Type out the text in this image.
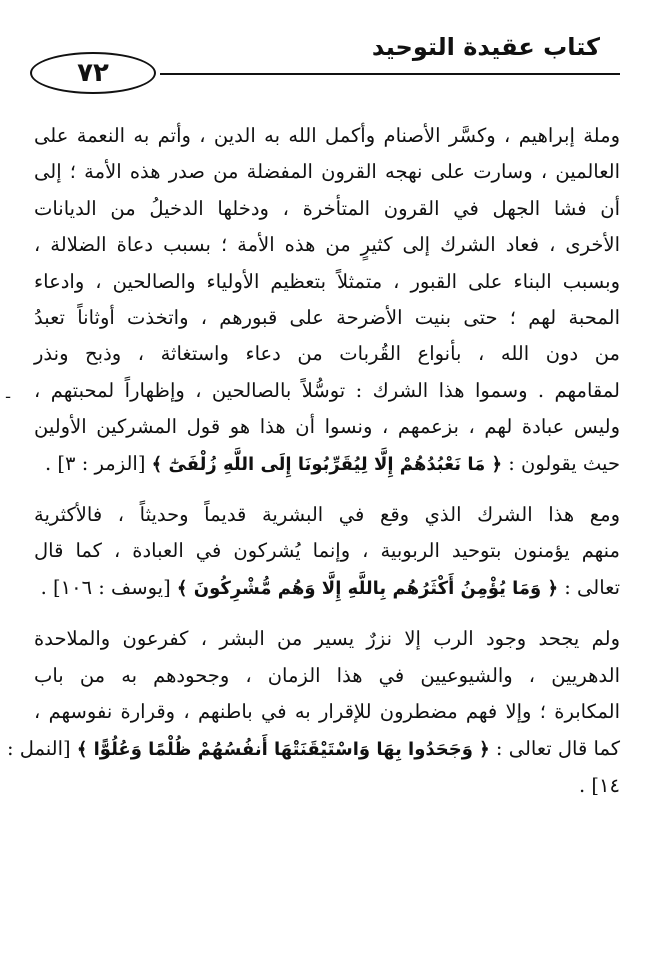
كتاب عقيدة التوحيد
٧٢
ـ

وملة إبراهيم ، وكسَّر الأصنام وأكمل الله به الدين ، وأتم به النعمة على
العالمين ، وسارت على نهجه القرون المفضلة من صدر هذه الأمة ؛ إلى
أن فشا الجهل في القرون المتأخرة ، ودخلها الدخيلُ من الديانات
الأخرى ، فعاد الشرك إلى كثيرٍ من هذه الأمة ؛ بسبب دعاة الضلالة ،
وبسبب البناء على القبور ، متمثلاً بتعظيم الأولياء والصالحين ، وادعاء
المحبة لهم ؛ حتى بنيت الأضرحة على قبورهم ، واتخذت أوثاناً تعبدُ
من دون الله ، بأنواع القُربات من دعاء واستغاثة ، وذبح ونذر
لمقامهم . وسموا هذا الشرك : توسُّلاً بالصالحين ، وإظهاراً لمحبتهم ،
وليس عبادة لهم ، بزعمهم ، ونسوا أن هذا هو قول المشركين الأولين
حيث يقولون : ﴿ مَا نَعْبُدُهُمْ إِلَّا لِيُقَرِّبُونَا إِلَى اللَّهِ زُلْفَىٰٓ ﴾ [الزمر : ٣] .

ومع هذا الشرك الذي وقع في البشرية قديماً وحديثاً ، فالأكثرية
منهم يؤمنون بتوحيد الربوبية ، وإنما يُشركون في العبادة ، كما قال
تعالى : ﴿ وَمَا يُؤْمِنُ أَكْثَرُهُم بِاللَّهِ إِلَّا وَهُم مُّشْرِكُونَ ﴾ [يوسف : ١٠٦] .

ولم يجحد وجود الرب إلا نزرٌ يسير من البشر ، كفرعون والملاحدة
الدهريين ، والشيوعيين في هذا الزمان ، وجحودهم به من باب
المكابرة ؛ وإلا فهم مضطرون للإقرار به في باطنهم ، وقرارة نفوسهم ،
كما قال تعالى : ﴿ وَجَحَدُوا بِهَا وَاسْتَيْقَنَتْهَا أَنفُسُهُمْ ظُلْمًا وَعُلُوًّا ﴾ [النمل :
١٤] .
